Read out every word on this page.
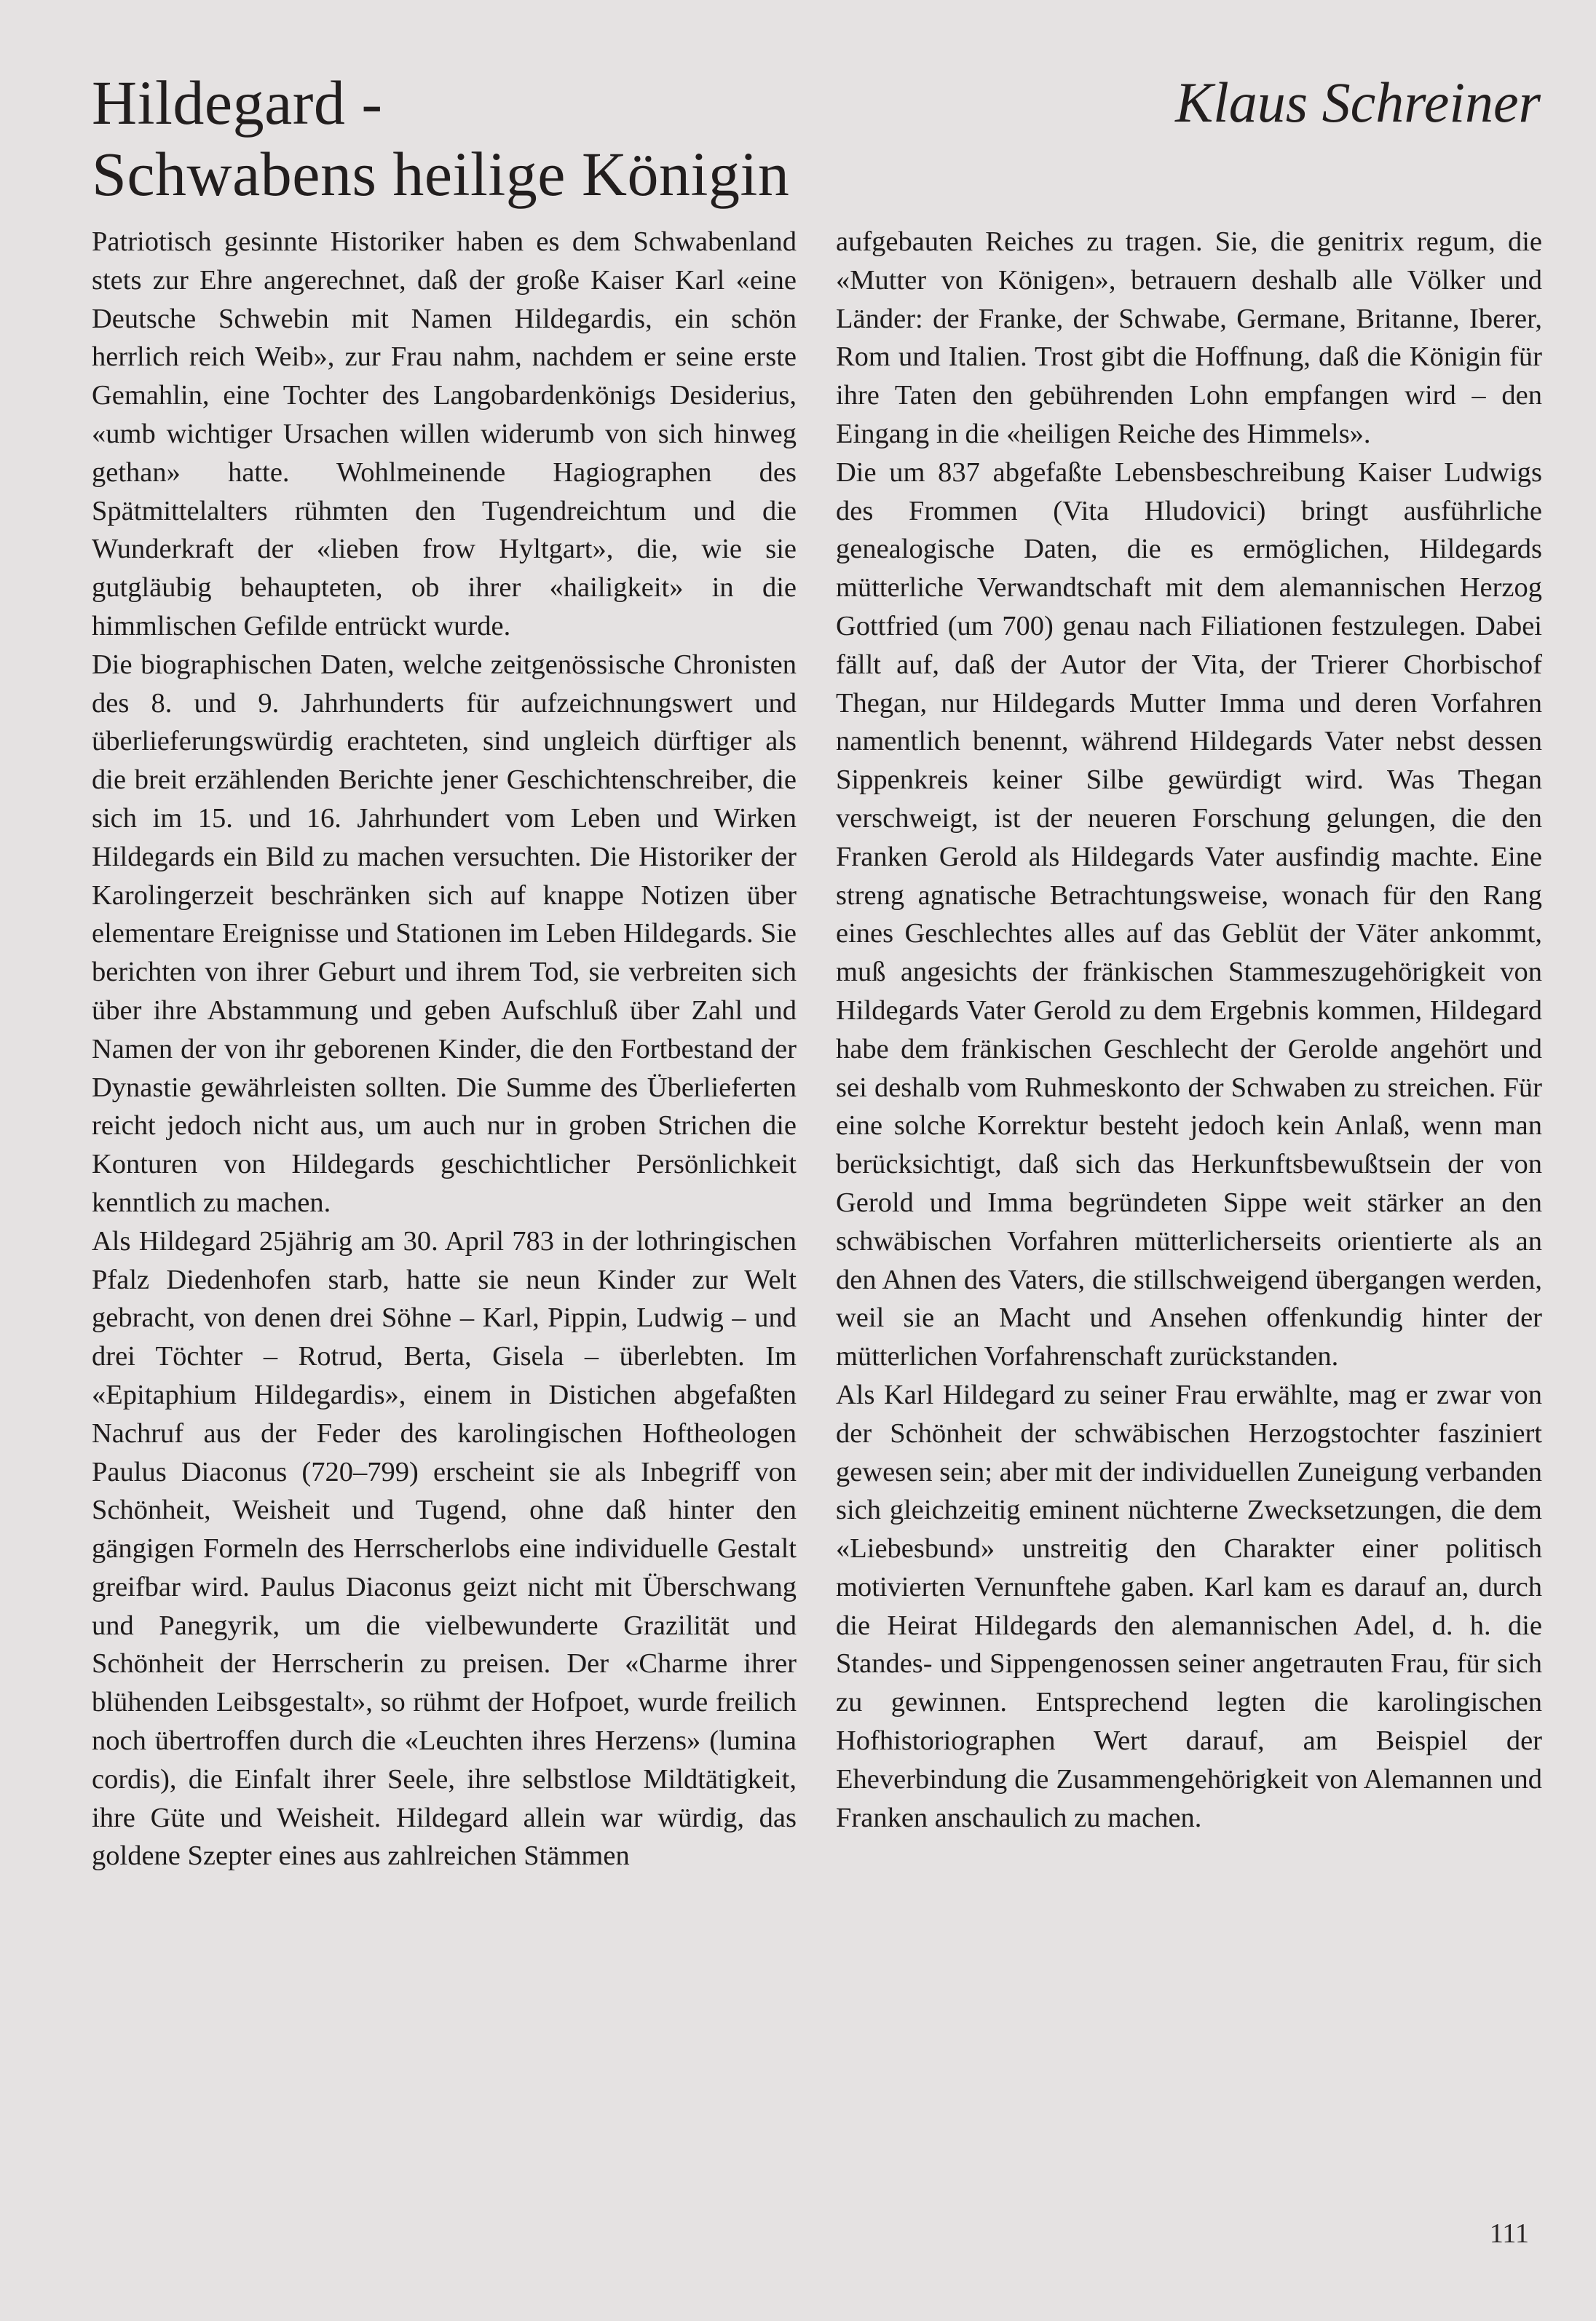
Hildegard -
Schwabens heilige Königin
Klaus Schreiner

Patriotisch gesinnte Historiker haben es dem Schwabenland stets zur Ehre angerechnet, daß der große Kaiser Karl «eine Deutsche Schwebin mit Namen Hildegardis, ein schön herrlich reich Weib», zur Frau nahm, nachdem er seine erste Gemahlin, eine Tochter des Langobardenkönigs Desiderius, «umb wichtiger Ursachen willen widerumb von sich hinweg gethan» hatte. Wohlmeinende Hagiographen des Spätmittelalters rühmten den Tugendreichtum und die Wunderkraft der «lieben frow Hyltgart», die, wie sie gutgläubig behaupteten, ob ihrer «hailigkeit» in die himmlischen Gefilde entrückt wurde.

Die biographischen Daten, welche zeitgenössische Chronisten des 8. und 9. Jahrhunderts für aufzeichnungswert und überlieferungswürdig erachteten, sind ungleich dürftiger als die breit erzählenden Berichte jener Geschichtenschreiber, die sich im 15. und 16. Jahrhundert vom Leben und Wirken Hildegards ein Bild zu machen versuchten. Die Historiker der Karolingerzeit beschränken sich auf knappe Notizen über elementare Ereignisse und Stationen im Leben Hildegards. Sie berichten von ihrer Geburt und ihrem Tod, sie verbreiten sich über ihre Abstammung und geben Aufschluß über Zahl und Namen der von ihr geborenen Kinder, die den Fortbestand der Dynastie gewährleisten sollten. Die Summe des Überlieferten reicht jedoch nicht aus, um auch nur in groben Strichen die Konturen von Hildegards geschichtlicher Persönlichkeit kenntlich zu machen.

Als Hildegard 25jährig am 30. April 783 in der lothringischen Pfalz Diedenhofen starb, hatte sie neun Kinder zur Welt gebracht, von denen drei Söhne – Karl, Pippin, Ludwig – und drei Töchter – Rotrud, Berta, Gisela – überlebten. Im «Epitaphium Hildegardis», einem in Distichen abgefaßten Nachruf aus der Feder des karolingischen Hoftheologen Paulus Diaconus (720–799) erscheint sie als Inbegriff von Schönheit, Weisheit und Tugend, ohne daß hinter den gängigen Formeln des Herrscherlobs eine individuelle Gestalt greifbar wird. Paulus Diaconus geizt nicht mit Überschwang und Panegyrik, um die vielbewunderte Grazilität und Schönheit der Herrscherin zu preisen. Der «Charme ihrer blühenden Leibsgestalt», so rühmt der Hofpoet, wurde freilich noch übertroffen durch die «Leuchten ihres Herzens» (lumina cordis), die Einfalt ihrer Seele, ihre selbstlose Mildtätigkeit, ihre Güte und Weisheit. Hildegard allein war würdig, das goldene Szepter eines aus zahlreichen Stämmen

aufgebauten Reiches zu tragen. Sie, die genitrix regum, die «Mutter von Königen», betrauern deshalb alle Völker und Länder: der Franke, der Schwabe, Germane, Britanne, Iberer, Rom und Italien. Trost gibt die Hoffnung, daß die Königin für ihre Taten den gebührenden Lohn empfangen wird – den Eingang in die «heiligen Reiche des Himmels».

Die um 837 abgefaßte Lebensbeschreibung Kaiser Ludwigs des Frommen (Vita Hludovici) bringt ausführliche genealogische Daten, die es ermöglichen, Hildegards mütterliche Verwandtschaft mit dem alemannischen Herzog Gottfried (um 700) genau nach Filiationen festzulegen. Dabei fällt auf, daß der Autor der Vita, der Trierer Chorbischof Thegan, nur Hildegards Mutter Imma und deren Vorfahren namentlich benennt, während Hildegards Vater nebst dessen Sippenkreis keiner Silbe gewürdigt wird. Was Thegan verschweigt, ist der neueren Forschung gelungen, die den Franken Gerold als Hildegards Vater ausfindig machte. Eine streng agnatische Betrachtungsweise, wonach für den Rang eines Geschlechtes alles auf das Geblüt der Väter ankommt, muß angesichts der fränkischen Stammeszugehörigkeit von Hildegards Vater Gerold zu dem Ergebnis kommen, Hildegard habe dem fränkischen Geschlecht der Gerolde angehört und sei deshalb vom Ruhmeskonto der Schwaben zu streichen. Für eine solche Korrektur besteht jedoch kein Anlaß, wenn man berücksichtigt, daß sich das Herkunftsbewußtsein der von Gerold und Imma begründeten Sippe weit stärker an den schwäbischen Vorfahren mütterlicherseits orientierte als an den Ahnen des Vaters, die stillschweigend übergangen werden, weil sie an Macht und Ansehen offenkundig hinter der mütterlichen Vorfahrenschaft zurückstanden.

Als Karl Hildegard zu seiner Frau erwählte, mag er zwar von der Schönheit der schwäbischen Herzogstochter fasziniert gewesen sein; aber mit der individuellen Zuneigung verbanden sich gleichzeitig eminent nüchterne Zwecksetzungen, die dem «Liebesbund» unstreitig den Charakter einer politisch motivierten Vernunftehe gaben. Karl kam es darauf an, durch die Heirat Hildegards den alemannischen Adel, d. h. die Standes- und Sippengenossen seiner angetrauten Frau, für sich zu gewinnen. Entsprechend legten die karolingischen Hofhistoriographen Wert darauf, am Beispiel der Eheverbindung die Zusammengehörigkeit von Alemannen und Franken anschaulich zu machen.

111
